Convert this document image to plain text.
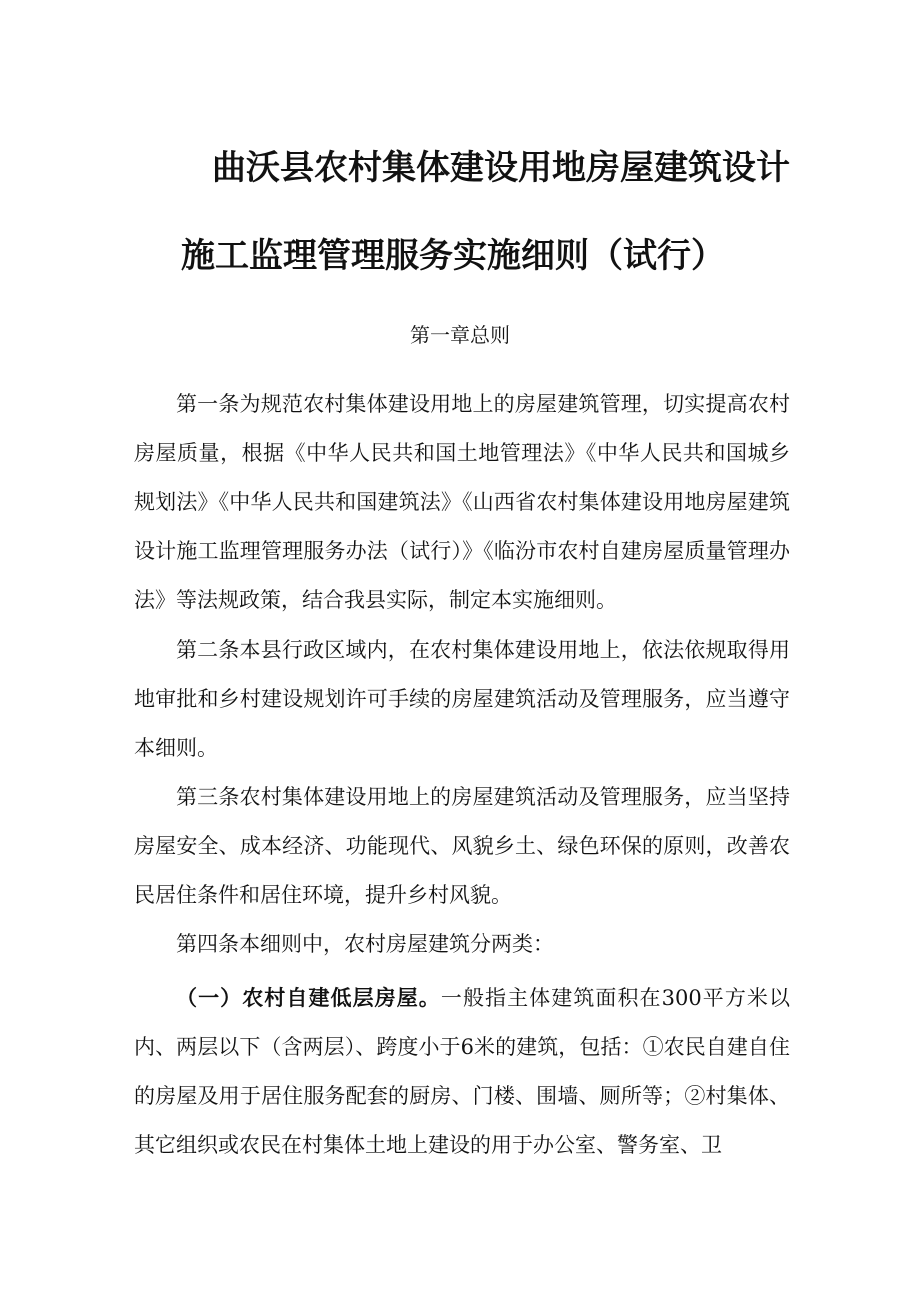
曲沃县农村集体建设用地房屋建筑设计
施工监理管理服务实施细则（试行）
第一章总则

第一条为规范农村集体建设用地上的房屋建筑管理，切实提高农村房屋质量，根据《中华人民共和国土地管理法》《中华人民共和国城乡规划法》《中华人民共和国建筑法》《山西省农村集体建设用地房屋建筑设计施工监理管理服务办法（试行）》《临汾市农村自建房屋质量管理办法》等法规政策，结合我县实际，制定本实施细则。

第二条本县行政区域内，在农村集体建设用地上，依法依规取得用地审批和乡村建设规划许可手续的房屋建筑活动及管理服务，应当遵守本细则。

第三条农村集体建设用地上的房屋建筑活动及管理服务，应当坚持房屋安全、成本经济、功能现代、风貌乡土、绿色环保的原则，改善农民居住条件和居住环境，提升乡村风貌。

第四条本细则中，农村房屋建筑分两类：

（一）农村自建低层房屋。一般指主体建筑面积在300平方米以内、两层以下（含两层）、跨度小于6米的建筑，包括：①农民自建自住的房屋及用于居住服务配套的厨房、门楼、围墙、厕所等；②村集体、其它组织或农民在村集体土地上建设的用于办公室、警务室、卫
